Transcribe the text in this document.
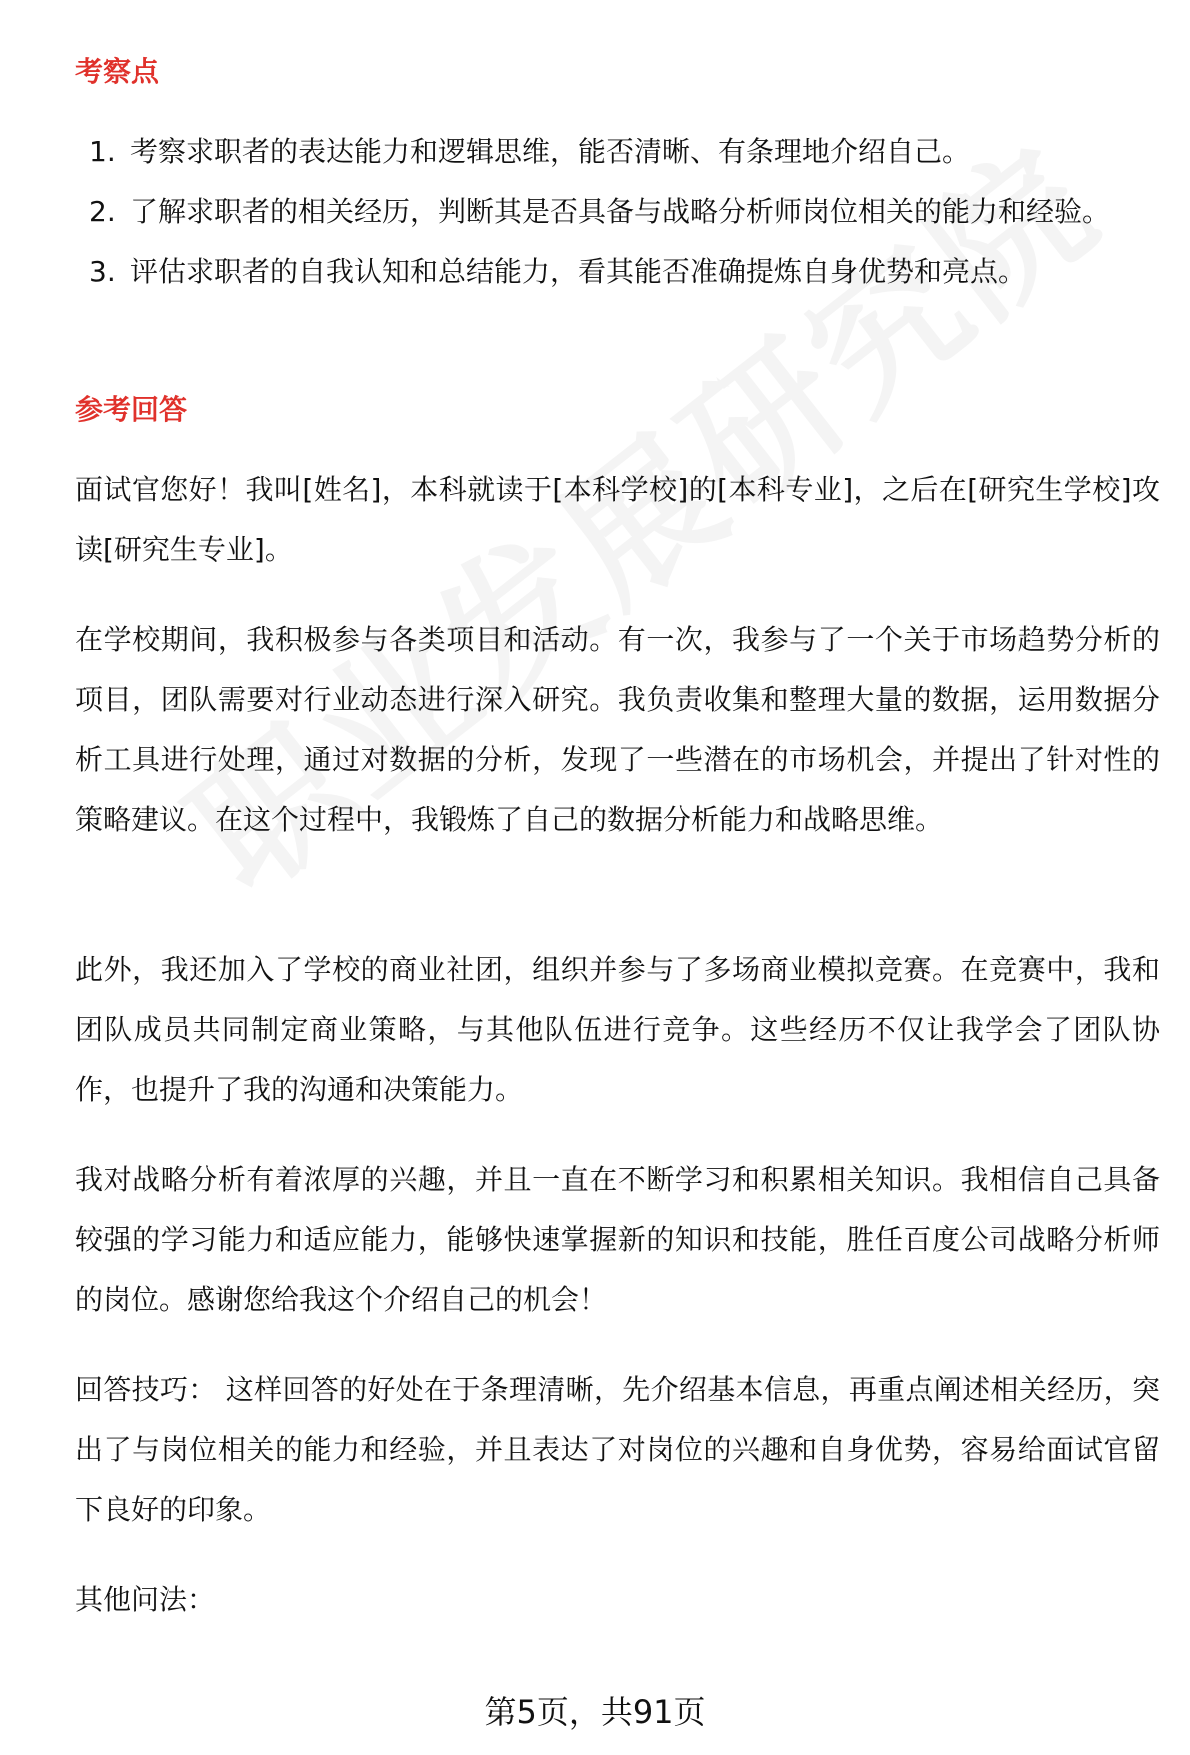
考察点
1. 考察求职者的表达能力和逻辑思维，能否清晰、有条理地介绍自己。
2. 了解求职者的相关经历，判断其是否具备与战略分析师岗位相关的能力和经验。
3. 评估求职者的自我认知和总结能力，看其能否准确提炼自身优势和亮点。
参考回答

面试官您好！我叫[姓名]，本科就读于[本科学校]的[本科专业]，之后在[研究生学校]攻读[研究生专业]。

在学校期间，我积极参与各类项目和活动。有一次，我参与了一个关于市场趋势分析的项目，团队需要对行业动态进行深入研究。我负责收集和整理大量的数据，运用数据分析工具进行处理，通过对数据的分析，发现了一些潜在的市场机会，并提出了针对性的策略建议。在这个过程中，我锻炼了自己的数据分析能力和战略思维。

此外，我还加入了学校的商业社团，组织并参与了多场商业模拟竞赛。在竞赛中，我和团队成员共同制定商业策略，与其他队伍进行竞争。这些经历不仅让我学会了团队协作，也提升了我的沟通和决策能力。

我对战略分析有着浓厚的兴趣，并且一直在不断学习和积累相关知识。我相信自己具备较强的学习能力和适应能力，能够快速掌握新的知识和技能，胜任百度公司战略分析师的岗位。感谢您给我这个介绍自己的机会！

回答技巧： 这样回答的好处在于条理清晰，先介绍基本信息，再重点阐述相关经历，突出了与岗位相关的能力和经验，并且表达了对岗位的兴趣和自身优势，容易给面试官留下良好的印象。

其他问法：

第5页，共91页
